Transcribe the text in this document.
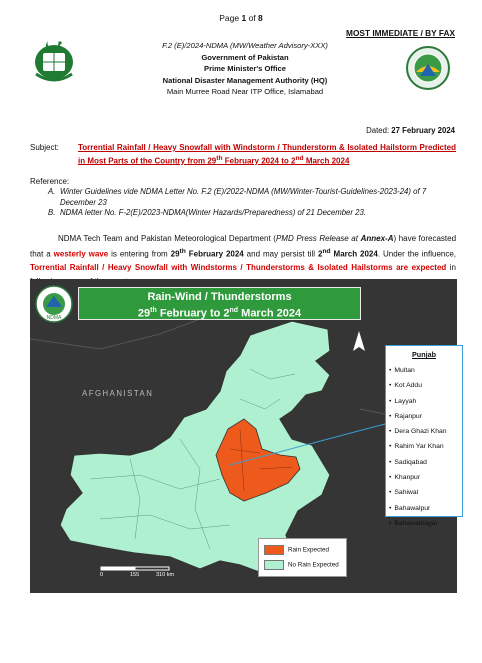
Page 1 of 8
MOST IMMEDIATE / BY FAX
F.2 (E)/2024-NDMA (MW/Weather Advisory-XXX)
Government of Pakistan
Prime Minister's Office
National Disaster Management Authority (HQ)
Main Murree Road Near ITP Office, Islamabad
Dated: 27 February 2024
Subject: Torrential Rainfall / Heavy Snowfall with Windstorm / Thunderstorm & Isolated Hailstorm Predicted in Most Parts of the Country from 29th February 2024 to 2nd March 2024
Reference:
A. Winter Guidelines vide NDMA Letter No. F.2 (E)/2022-NDMA (MW/Winter-Tourist-Guidelines-2023-24) of 7 December 23
B. NDMA letter No. F-2(E)/2023-NDMA(Winter Hazards/Preparedness) of 21 December 23.
NDMA Tech Team and Pakistan Meteorological Department (PMD Press Release at Annex-A) have forecasted that a westerly wave is entering from 29th February 2024 and may persist till 2nd March 2024. Under the influence, Torrential Rainfall / Heavy Snowfall with Windstorms / Thunderstorms & Isolated Hailstorms are expected in
NDMA
Rain-Wind / Thunderstorms
29th February to 2nd March 2024
AFGHANISTAN
Rain Expected
No Rain Expected
0	155	310 km
Punjab
• Multan
• Kot Addu
• Layyah
• Rajanpur
• Dera Ghazi Khan
• Rahim Yar Khan
• Sadiqabad
• Khanpur
• Sahiwal
• Bahawalpur
• Bahawalnagar
